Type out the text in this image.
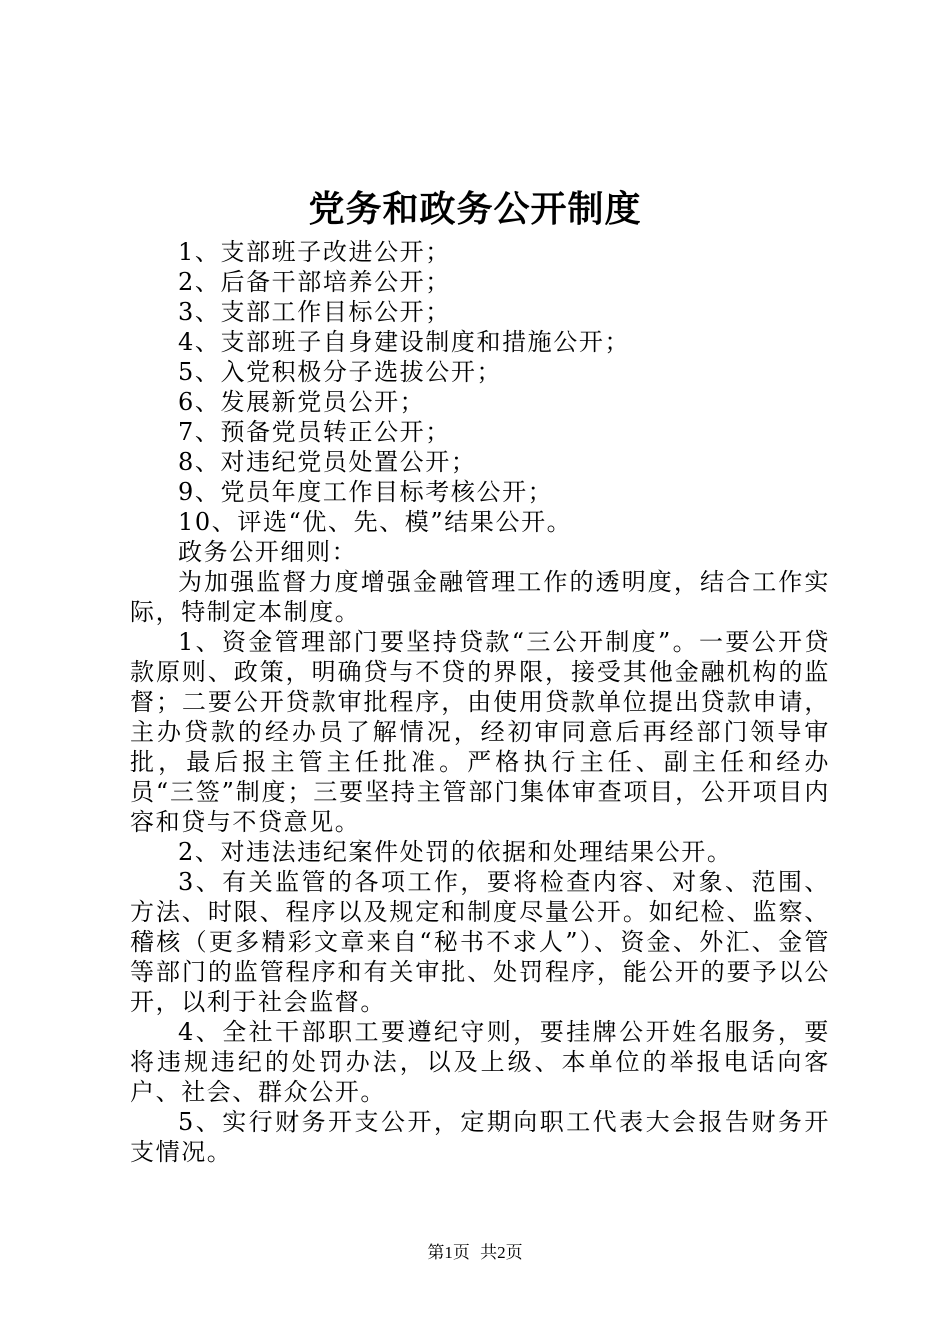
党务和政务公开制度

1、支部班子改进公开；

2、后备干部培养公开；

3、支部工作目标公开；

4、支部班子自身建设制度和措施公开；

5、入党积极分子选拔公开；

6、发展新党员公开；

7、预备党员转正公开；

8、对违纪党员处置公开；

9、党员年度工作目标考核公开；

10、评选“优、先、模”结果公开。

政务公开细则：

为加强监督力度增强金融管理工作的透明度，结合工作实际，特制定本制度。

1、资金管理部门要坚持贷款“三公开制度”。一要公开贷款原则、政策，明确贷与不贷的界限，接受其他金融机构的监督；二要公开贷款审批程序，由使用贷款单位提出贷款申请，主办贷款的经办员了解情况，经初审同意后再经部门领导审批，最后报主管主任批准。严格执行主任、副主任和经办员“三签”制度；三要坚持主管部门集体审查项目，公开项目内容和贷与不贷意见。

2、对违法违纪案件处罚的依据和处理结果公开。

3、有关监管的各项工作，要将检查内容、对象、范围、方法、时限、程序以及规定和制度尽量公开。如纪检、监察、稽核（更多精彩文章来自“秘书不求人”）、资金、外汇、金管等部门的监管程序和有关审批、处罚程序，能公开的要予以公开，以利于社会监督。

4、全社干部职工要遵纪守则，要挂牌公开姓名服务，要将违规违纪的处罚办法，以及上级、本单位的举报电话向客户、社会、群众公开。

5、实行财务开支公开，定期向职工代表大会报告财务开支情况。

第1页 共2页
